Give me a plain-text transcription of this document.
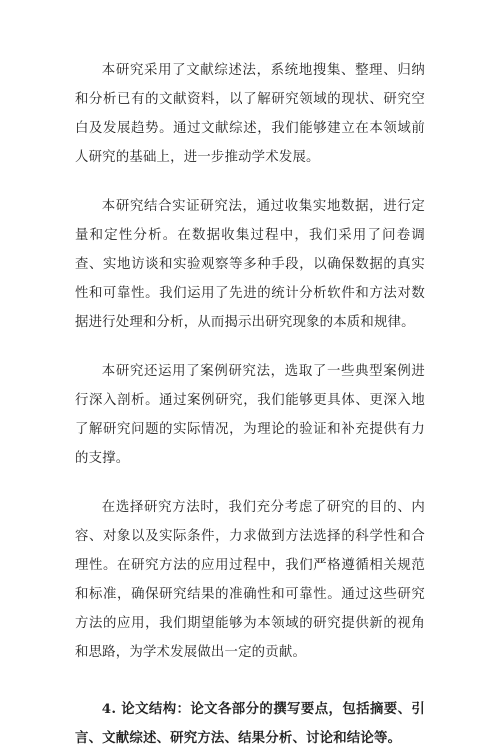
本研究采用了文献综述法，系统地搜集、整理、归纳和分析已有的文献资料，以了解研究领域的现状、研究空白及发展趋势。通过文献综述，我们能够建立在本领域前人研究的基础上，进一步推动学术发展。

本研究结合实证研究法，通过收集实地数据，进行定量和定性分析。在数据收集过程中，我们采用了问卷调查、实地访谈和实验观察等多种手段，以确保数据的真实性和可靠性。我们运用了先进的统计分析软件和方法对数据进行处理和分析，从而揭示出研究现象的本质和规律。

本研究还运用了案例研究法，选取了一些典型案例进行深入剖析。通过案例研究，我们能够更具体、更深入地了解研究问题的实际情况，为理论的验证和补充提供有力的支撑。

在选择研究方法时，我们充分考虑了研究的目的、内容、对象以及实际条件，力求做到方法选择的科学性和合理性。在研究方法的应用过程中，我们严格遵循相关规范和标准，确保研究结果的准确性和可靠性。通过这些研究方法的应用，我们期望能够为本领域的研究提供新的视角和思路，为学术发展做出一定的贡献。

4. 论文结构：论文各部分的撰写要点，包括摘要、引言、文献综述、研究方法、结果分析、讨论和结论等。
